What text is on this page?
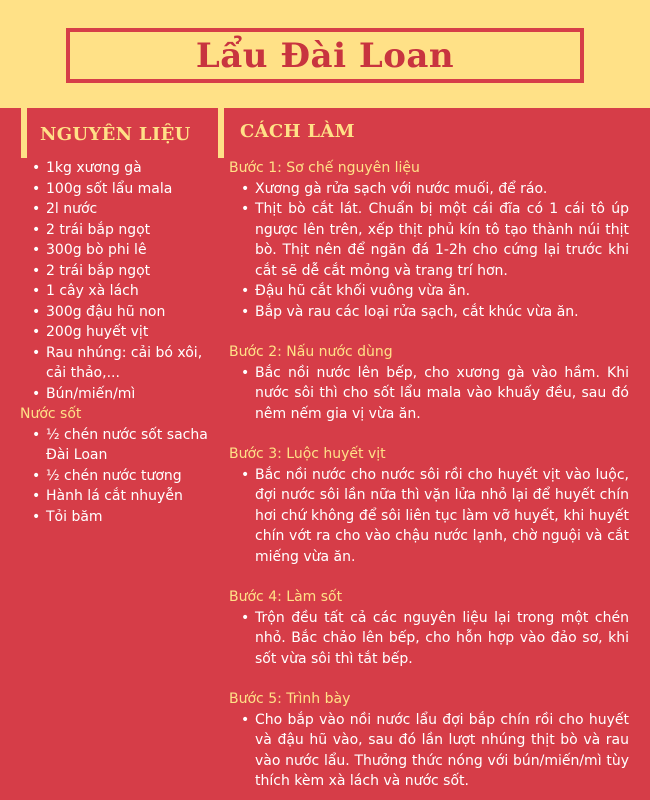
Lẩu Đài Loan
NGUYÊN LIỆU	CÁCH LÀM
• 1kg xương gà
• 100g sốt lẩu mala
• 2l nước
• 2 trái bắp ngọt
• 300g bò phi lê
• 2 trái bắp ngọt
• 1 cây xà lách
• 300g đậu hũ non
• 200g huyết vịt
• Rau nhúng: cải bó xôi, cải thảo,...
• Bún/miến/mì
Nước sốt
• ½ chén nước sốt sacha Đài Loan
• ½ chén nước tương
• Hành lá cắt nhuyễn
• Tỏi băm
Bước 1: Sơ chế nguyên liệu
• Xương gà rửa sạch với nước muối, để ráo.
• Thịt bò cắt lát. Chuẩn bị một cái đĩa có 1 cái tô úp ngược lên trên, xếp thịt phủ kín tô tạo thành núi thịt bò. Thịt nên để ngăn đá 1-2h cho cứng lại trước khi cắt sẽ dễ cắt mỏng và trang trí hơn.
• Đậu hũ cắt khối vuông vừa ăn.
• Bắp và rau các loại rửa sạch, cắt khúc vừa ăn.
Bước 2: Nấu nước dùng
• Bắc nồi nước lên bếp, cho xương gà vào hầm. Khi nước sôi thì cho sốt lẩu mala vào khuấy đều, sau đó nêm nếm gia vị vừa ăn.
Bước 3: Luộc huyết vịt
• Bắc nồi nước cho nước sôi rồi cho huyết vịt vào luộc, đợi nước sôi lần nữa thì vặn lửa nhỏ lại để huyết chín hơi chứ không để sôi liên tục làm vỡ huyết, khi huyết chín vớt ra cho vào chậu nước lạnh, chờ nguội và cắt miếng vừa ăn.
Bước 4: Làm sốt
• Trộn đều tất cả các nguyên liệu lại trong một chén nhỏ. Bắc chảo lên bếp, cho hỗn hợp vào đảo sơ, khi sốt vừa sôi thì tắt bếp.
Bước 5: Trình bày
• Cho bắp vào nồi nước lẩu đợi bắp chín rồi cho huyết và đậu hũ vào, sau đó lần lượt nhúng thịt bò và rau vào nước lẩu. Thưởng thức nóng với bún/miến/mì tùy thích kèm xà lách và nước sốt.
